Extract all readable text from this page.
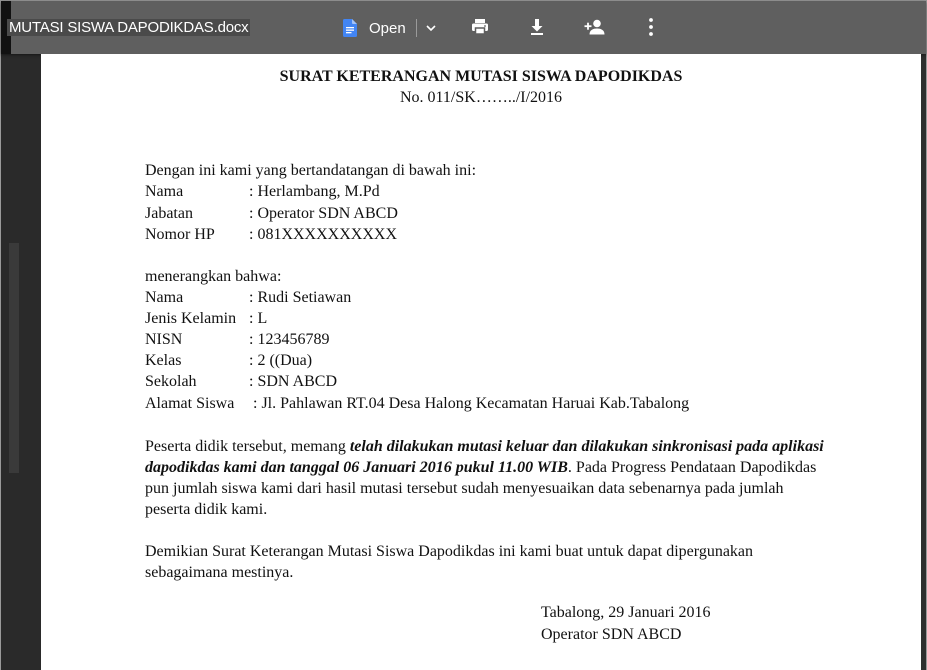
MUTASI SISWA DAPODIKDAS.docx	Open
SURAT KETERANGAN MUTASI SISWA DAPODIKDAS
No. 011/SK……../I/2016
Dengan ini kami yang bertandatangan di bawah ini:
Nama	: Herlambang, M.Pd
Jabatan	: Operator SDN ABCD
Nomor HP : 081XXXXXXXXXX
menerangkan bahwa:
Nama	: Rudi Setiawan
Jenis Kelamin : L
NISN	: 123456789
Kelas	: 2 ((Dua)
Sekolah	: SDN ABCD
Alamat Siswa : Jl. Pahlawan RT.04 Desa Halong Kecamatan Haruai Kab.Tabalong
Peserta didik tersebut, memang telah dilakukan mutasi keluar dan dilakukan sinkronisasi pada aplikasi dapodikdas kami dan tanggal 06 Januari 2016 pukul 11.00 WIB. Pada Progress Pendataan Dapodikdas pun jumlah siswa kami dari hasil mutasi tersebut sudah menyesuaikan data sebenarnya pada jumlah peserta didik kami.
Demikian Surat Keterangan Mutasi Siswa Dapodikdas ini kami buat untuk dapat dipergunakan sebagaimana mestinya.
Tabalong, 29 Januari 2016
Operator SDN ABCD
